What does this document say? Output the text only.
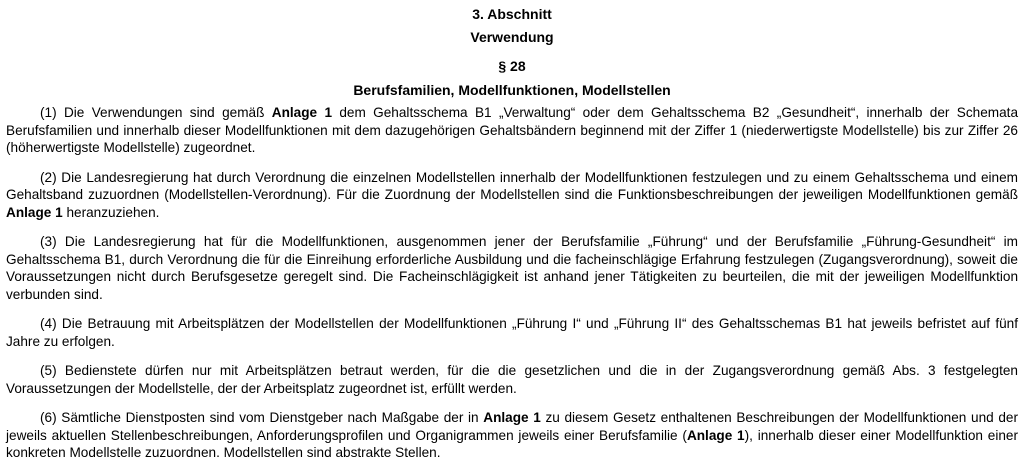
3. Abschnitt
Verwendung
§ 28
Berufsfamilien, Modellfunktionen, Modellstellen

(1) Die Verwendungen sind gemäß Anlage 1 dem Gehaltsschema B1 „Verwaltung“ oder dem Gehaltsschema B2 „Gesundheit“, innerhalb der Schemata Berufsfamilien und innerhalb dieser Modellfunktionen mit dem dazugehörigen Gehaltsbändern beginnend mit der Ziffer 1 (niederwertigste Modellstelle) bis zur Ziffer 26 (höherwertigste Modellstelle) zugeordnet.

(2) Die Landesregierung hat durch Verordnung die einzelnen Modellstellen innerhalb der Modellfunktionen festzulegen und zu einem Gehaltsschema und einem Gehaltsband zuzuordnen (Modellstellen-Verordnung). Für die Zuordnung der Modellstellen sind die Funktionsbeschreibungen der jeweiligen Modellfunktionen gemäß Anlage 1 heranzuziehen.

(3) Die Landesregierung hat für die Modellfunktionen, ausgenommen jener der Berufsfamilie „Führung“ und der Berufsfamilie „Führung-Gesundheit“ im Gehaltsschema B1, durch Verordnung die für die Einreihung erforderliche Ausbildung und die facheinschlägige Erfahrung festzulegen (Zugangsverordnung), soweit die Voraussetzungen nicht durch Berufsgesetze geregelt sind. Die Facheinschlägigkeit ist anhand jener Tätigkeiten zu beurteilen, die mit der jeweiligen Modellfunktion verbunden sind.

(4) Die Betrauung mit Arbeitsplätzen der Modellstellen der Modellfunktionen „Führung I“ und „Führung II“ des Gehaltsschemas B1 hat jeweils befristet auf fünf Jahre zu erfolgen.

(5) Bedienstete dürfen nur mit Arbeitsplätzen betraut werden, für die die gesetzlichen und die in der Zugangsverordnung gemäß Abs. 3 festgelegten Voraussetzungen der Modellstelle, der der Arbeitsplatz zugeordnet ist, erfüllt werden.

(6) Sämtliche Dienstposten sind vom Dienstgeber nach Maßgabe der in Anlage 1 zu diesem Gesetz enthaltenen Beschreibungen der Modellfunktionen und der jeweils aktuellen Stellenbeschreibungen, Anforderungsprofilen und Organigrammen jeweils einer Berufsfamilie (Anlage 1), innerhalb dieser einer Modellfunktion einer konkreten Modellstelle zuzuordnen. Modellstellen sind abstrakte Stellen.
